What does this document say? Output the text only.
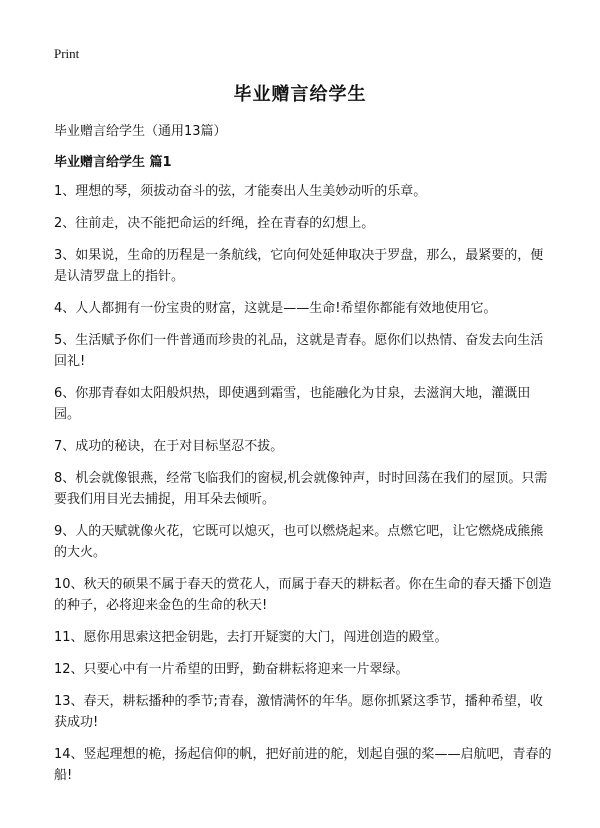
Print
毕业赠言给学生
毕业赠言给学生（通用13篇）
毕业赠言给学生 篇1
1、理想的琴，须拔动奋斗的弦，才能奏出人生美妙动听的乐章。
2、往前走，决不能把命运的纤绳，拴在青春的幻想上。
3、如果说，生命的历程是一条航线，它向何处延伸取决于罗盘，那么，最紧要的，便是认清罗盘上的指针。
4、人人都拥有一份宝贵的财富，这就是——生命!希望你都能有效地使用它。
5、生活赋予你们一件普通而珍贵的礼品，这就是青春。愿你们以热情、奋发去向生活回礼!
6、你那青春如太阳般炽热，即使遇到霜雪，也能融化为甘泉，去滋润大地，灌溉田园。
7、成功的秘诀，在于对目标坚忍不拔。
8、机会就像银燕，经常飞临我们的窗棂,机会就像钟声，时时回荡在我们的屋顶。只需要我们用目光去捕捉，用耳朵去倾听。
9、人的天赋就像火花，它既可以熄灭，也可以燃烧起来。点燃它吧，让它燃烧成熊熊的大火。
10、秋天的硕果不属于春天的赏花人，而属于春天的耕耘者。你在生命的春天播下创造的种子，必将迎来金色的生命的秋天!
11、愿你用思索这把金钥匙，去打开疑窦的大门，闯进创造的殿堂。
12、只要心中有一片希望的田野，勤奋耕耘将迎来一片翠绿。
13、春天，耕耘播种的季节;青春，激情满怀的年华。愿你抓紧这季节，播种希望，收获成功!
14、竖起理想的桅，扬起信仰的帆，把好前进的舵，划起自强的桨——启航吧，青春的船!
